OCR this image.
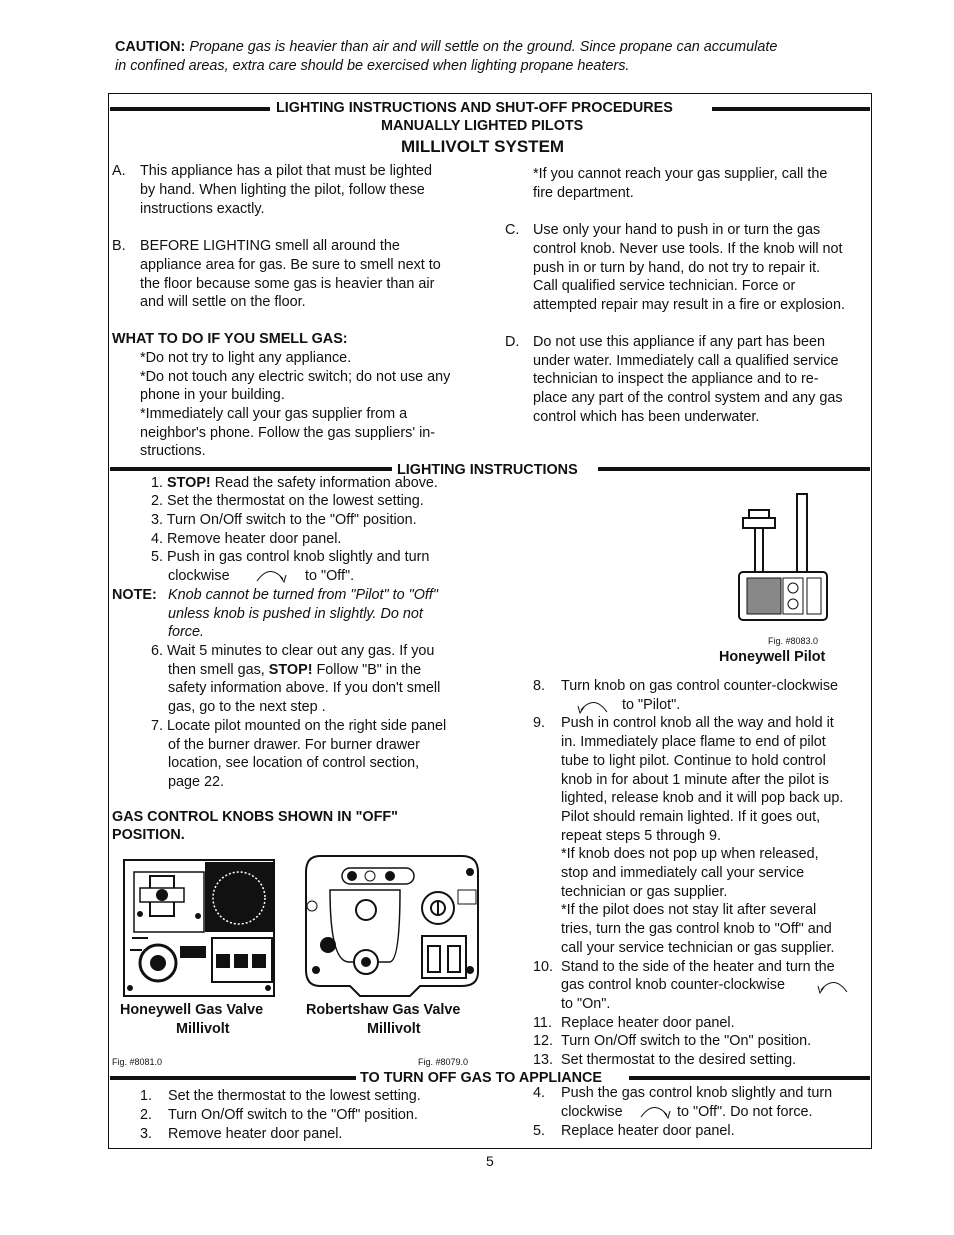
CAUTION: Propane gas is heavier than air and will settle on the ground. Since propane can accumulate
in confined areas, extra care should be exercised when lighting propane heaters.
LIGHTING INSTRUCTIONS AND SHUT-OFF PROCEDURES
MANUALLY LIGHTED PILOTS
MILLIVOLT SYSTEM
A. This appliance has a pilot that must be lighted
by hand. When lighting the pilot, follow these
instructions exactly.
B. BEFORE LIGHTING smell all around the
appliance area for gas. Be sure to smell next to
the floor because some gas is heavier than air
and will settle on the floor.
WHAT TO DO IF YOU SMELL GAS:
*Do not try to light any appliance.
*Do not touch any electric switch; do not use any
phone in your building.
*Immediately call your gas supplier from a
neighbor's phone. Follow the gas suppliers' in-
structions.
*If you cannot reach your gas supplier, call the
fire department.
C. Use only your hand to push in or turn the gas
control knob. Never use tools. If the knob will not
push in or turn by hand, do not try to repair it.
Call qualified service technician. Force or
attempted repair may result in a fire or explosion.
D. Do not use this appliance if any part has been
under water. Immediately call a qualified service
technician to inspect the appliance and to re-
place any part of the control system and any gas
control which has been underwater.
LIGHTING INSTRUCTIONS
1. STOP! Read the safety information above.
2. Set the thermostat on the lowest setting.
3. Turn On/Off switch to the "Off" position.
4. Remove heater door panel.
5. Push in gas control knob slightly and turn
clockwise	to "Off".
NOTE: Knob cannot be turned from "Pilot" to "Off"
unless knob is pushed in slightly. Do not
force.
6. Wait 5 minutes to clear out any gas. If you
then smell gas, STOP! Follow "B" in the
safety information above. If you don't smell
gas, go to the next step .
7. Locate pilot mounted on the right side panel
of the burner drawer. For burner drawer
location, see location of control section,
page 22.
GAS CONTROL KNOBS SHOWN IN "OFF"
POSITION.
Honeywell Gas Valve
Millivolt
Robertshaw Gas Valve
Millivolt
Fig. #8081.0	Fig. #8079.0
Fig. #8083.0
Honeywell Pilot
8. Turn knob on gas control counter-clockwise
to "Pilot".
9. Push in control knob all the way and hold it
in. Immediately place flame to end of pilot
tube to light pilot. Continue to hold control
knob in for about 1 minute after the pilot is
lighted, release knob and it will pop back up.
Pilot should remain lighted. If it goes out,
repeat steps 5 through 9.
*If knob does not pop up when released,
stop and immediately call your service
technician or gas supplier.
*If the pilot does not stay lit after several
tries, turn the gas control knob to "Off" and
call your service technician or gas supplier.
10. Stand to the side of the heater and turn the
gas control knob counter-clockwise
to "On".
11. Replace heater door panel.
12. Turn On/Off switch to the "On" position.
13. Set thermostat to the desired setting.
TO TURN OFF GAS TO APPLIANCE
1. Set the thermostat to the lowest setting.
2. Turn On/Off switch to the "Off" position.
3. Remove heater door panel.
4. Push the gas control knob slightly and turn
clockwise	to "Off". Do not force.
5. Replace heater door panel.
5
